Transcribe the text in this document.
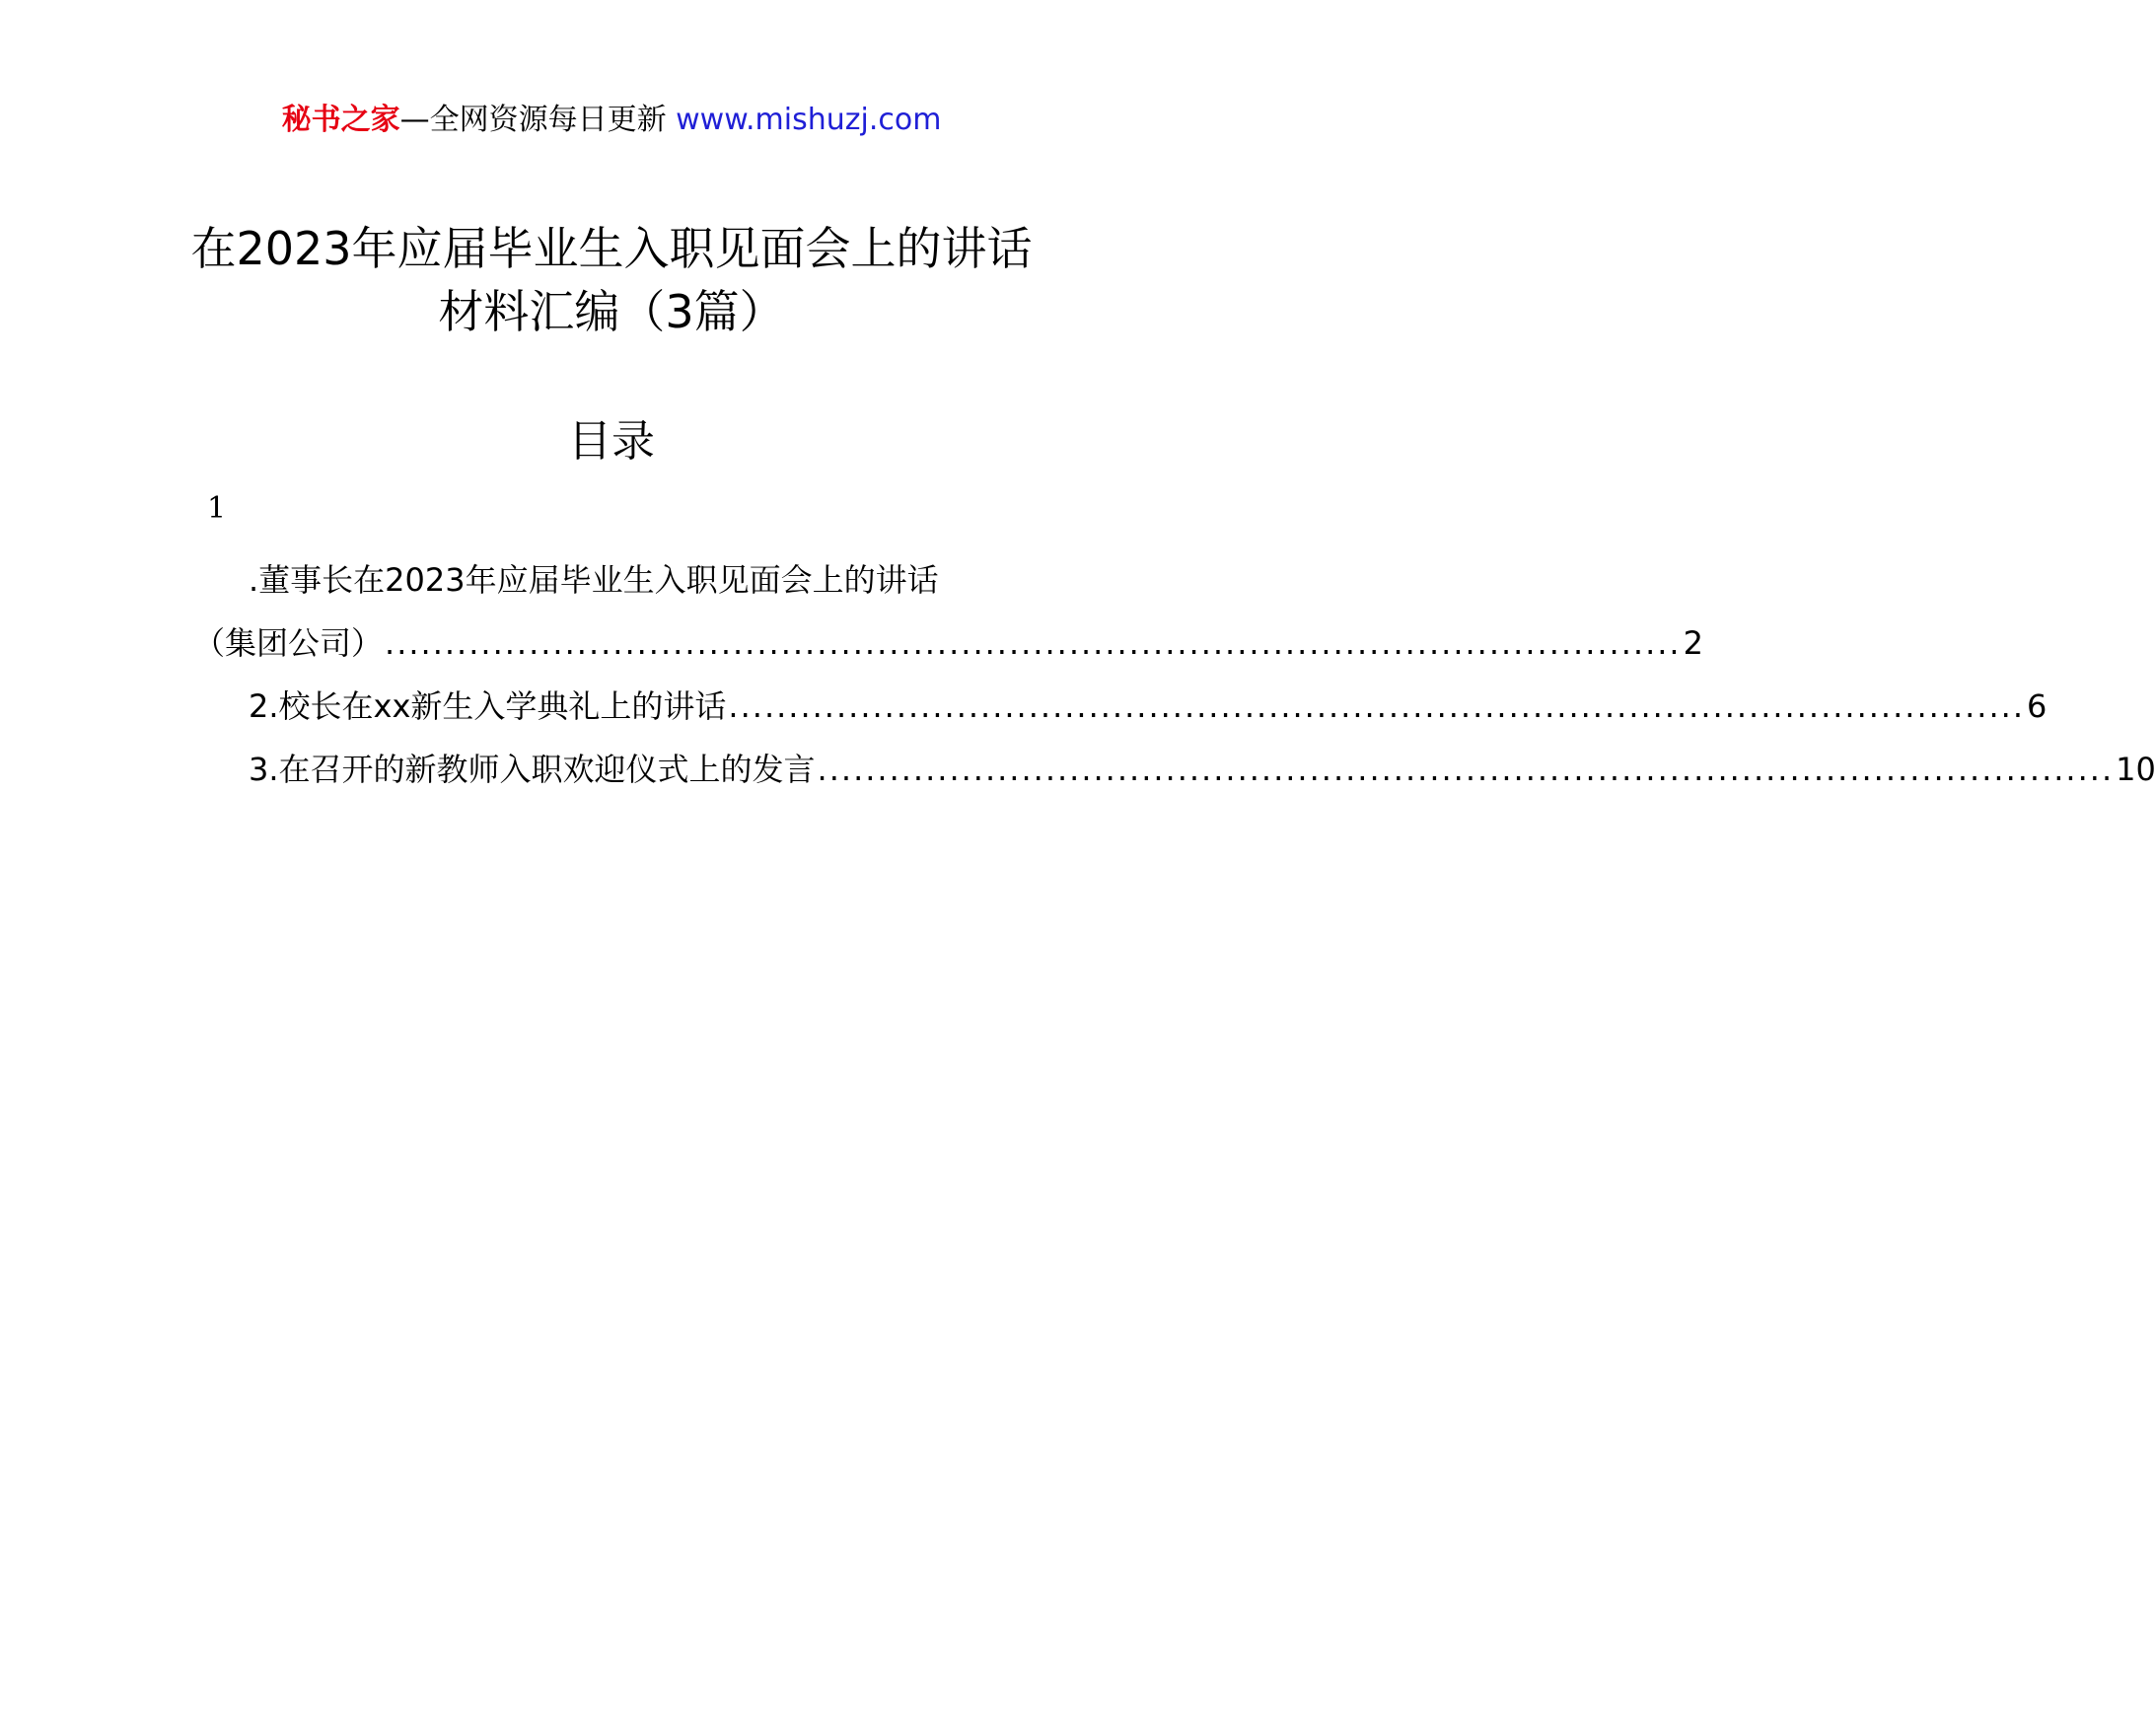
秘书之家—全网资源每日更新 www.mishuzj.com
在2023年应届毕业生入职见面会上的讲话
材料汇编（3篇）
目录
1
.董事长在2023年应届毕业生入职见面会上的讲话
（集团公司） ............................................................................................................ 2
2.校长在xx新生入学典礼上的讲话 ............................................................................................................ 6
3.在召开的新教师入职欢迎仪式上的发言 ............................................................................................................ 10
